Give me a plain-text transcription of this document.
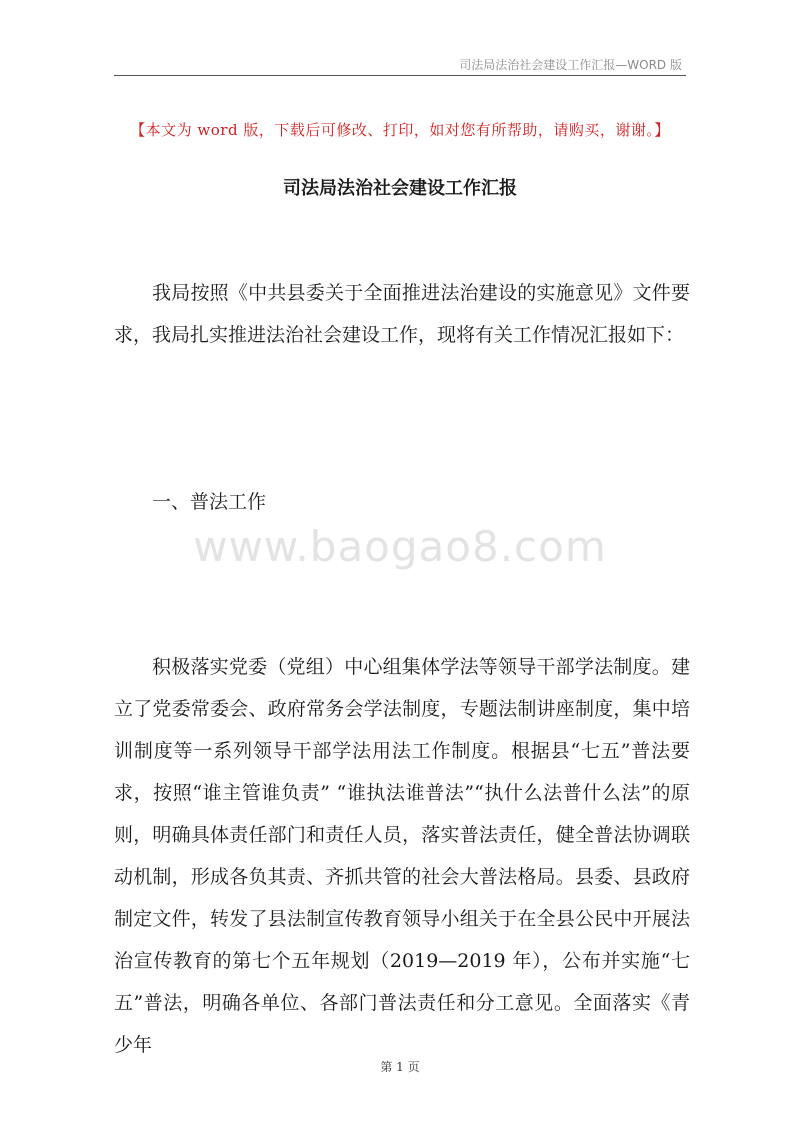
司法局法治社会建设工作汇报—WORD 版
【本文为 word 版，下载后可修改、打印，如对您有所帮助，请购买，谢谢。】
司法局法治社会建设工作汇报

我局按照《中共县委关于全面推进法治建设的实施意见》文件要求，我局扎实推进法治社会建设工作，现将有关工作情况汇报如下：

一、普法工作
www.baogao8.com

积极落实党委（党组）中心组集体学法等领导干部学法制度。建立了党委常委会、政府常务会学法制度，专题法制讲座制度，集中培训制度等一系列领导干部学法用法工作制度。根据县“七五”普法要求，按照“谁主管谁负责” “谁执法谁普法”“执什么法普什么法”的原则，明确具体责任部门和责任人员，落实普法责任，健全普法协调联动机制，形成各负其责、齐抓共管的社会大普法格局。县委、县政府制定文件，转发了县法制宣传教育领导小组关于在全县公民中开展法治宣传教育的第七个五年规划（2019—2019 年），公布并实施“七五”普法，明确各单位、各部门普法责任和分工意见。全面落实《青少年

第 1 页
